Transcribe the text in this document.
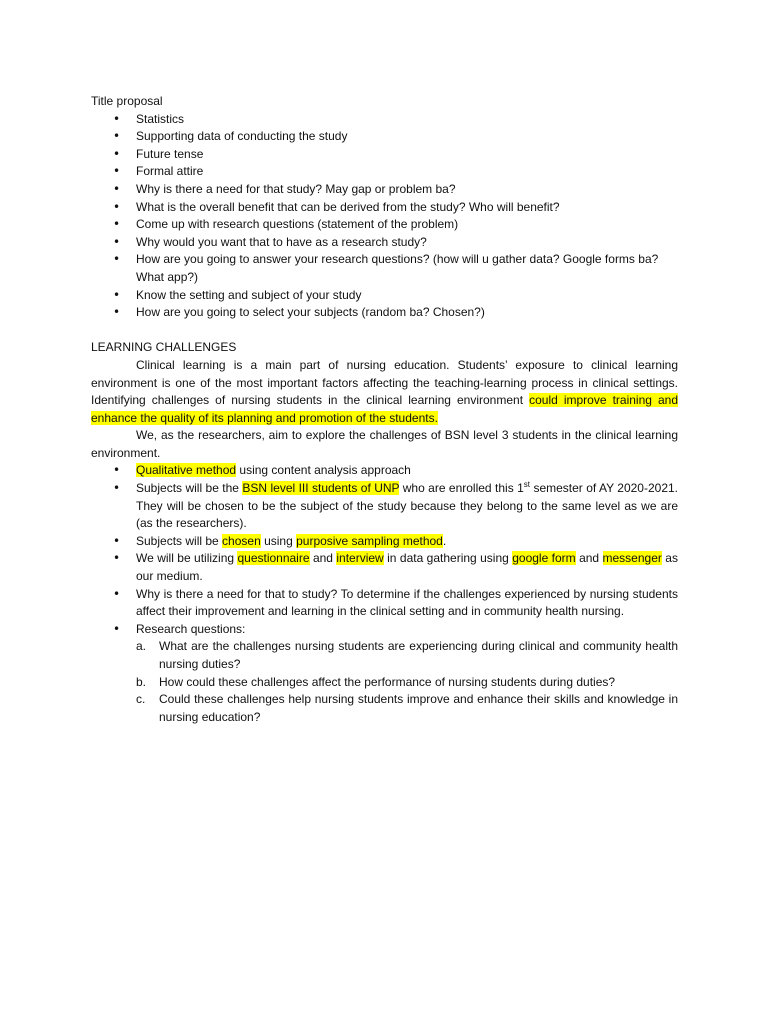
Title proposal

• Statistics
• Supporting data of conducting the study
• Future tense
• Formal attire
• Why is there a need for that study? May gap or problem ba?
• What is the overall benefit that can be derived from the study? Who will benefit?
• Come up with research questions (statement of the problem)
• Why would you want that to have as a research study?
• How are you going to answer your research questions? (how will u gather data? Google forms ba? What app?)
• Know the setting and subject of your study
• How are you going to select your subjects (random ba? Chosen?)

LEARNING CHALLENGES

Clinical learning is a main part of nursing education. Students’ exposure to clinical learning environment is one of the most important factors affecting the teaching-learning process in clinical settings. Identifying challenges of nursing students in the clinical learning environment could improve training and enhance the quality of its planning and promotion of the students.

We, as the researchers, aim to explore the challenges of BSN level 3 students in the clinical learning environment.

• Qualitative method using content analysis approach
• Subjects will be the BSN level III students of UNP who are enrolled this 1st semester of AY 2020-2021. They will be chosen to be the subject of the study because they belong to the same level as we are (as the researchers).
• Subjects will be chosen using purposive sampling method.
• We will be utilizing questionnaire and interview in data gathering using google form and messenger as our medium.
• Why is there a need for that to study? To determine if the challenges experienced by nursing students affect their improvement and learning in the clinical setting and in community health nursing.
• Research questions:
a. What are the challenges nursing students are experiencing during clinical and community health nursing duties?
b. How could these challenges affect the performance of nursing students during duties?
c. Could these challenges help nursing students improve and enhance their skills and knowledge in nursing education?
